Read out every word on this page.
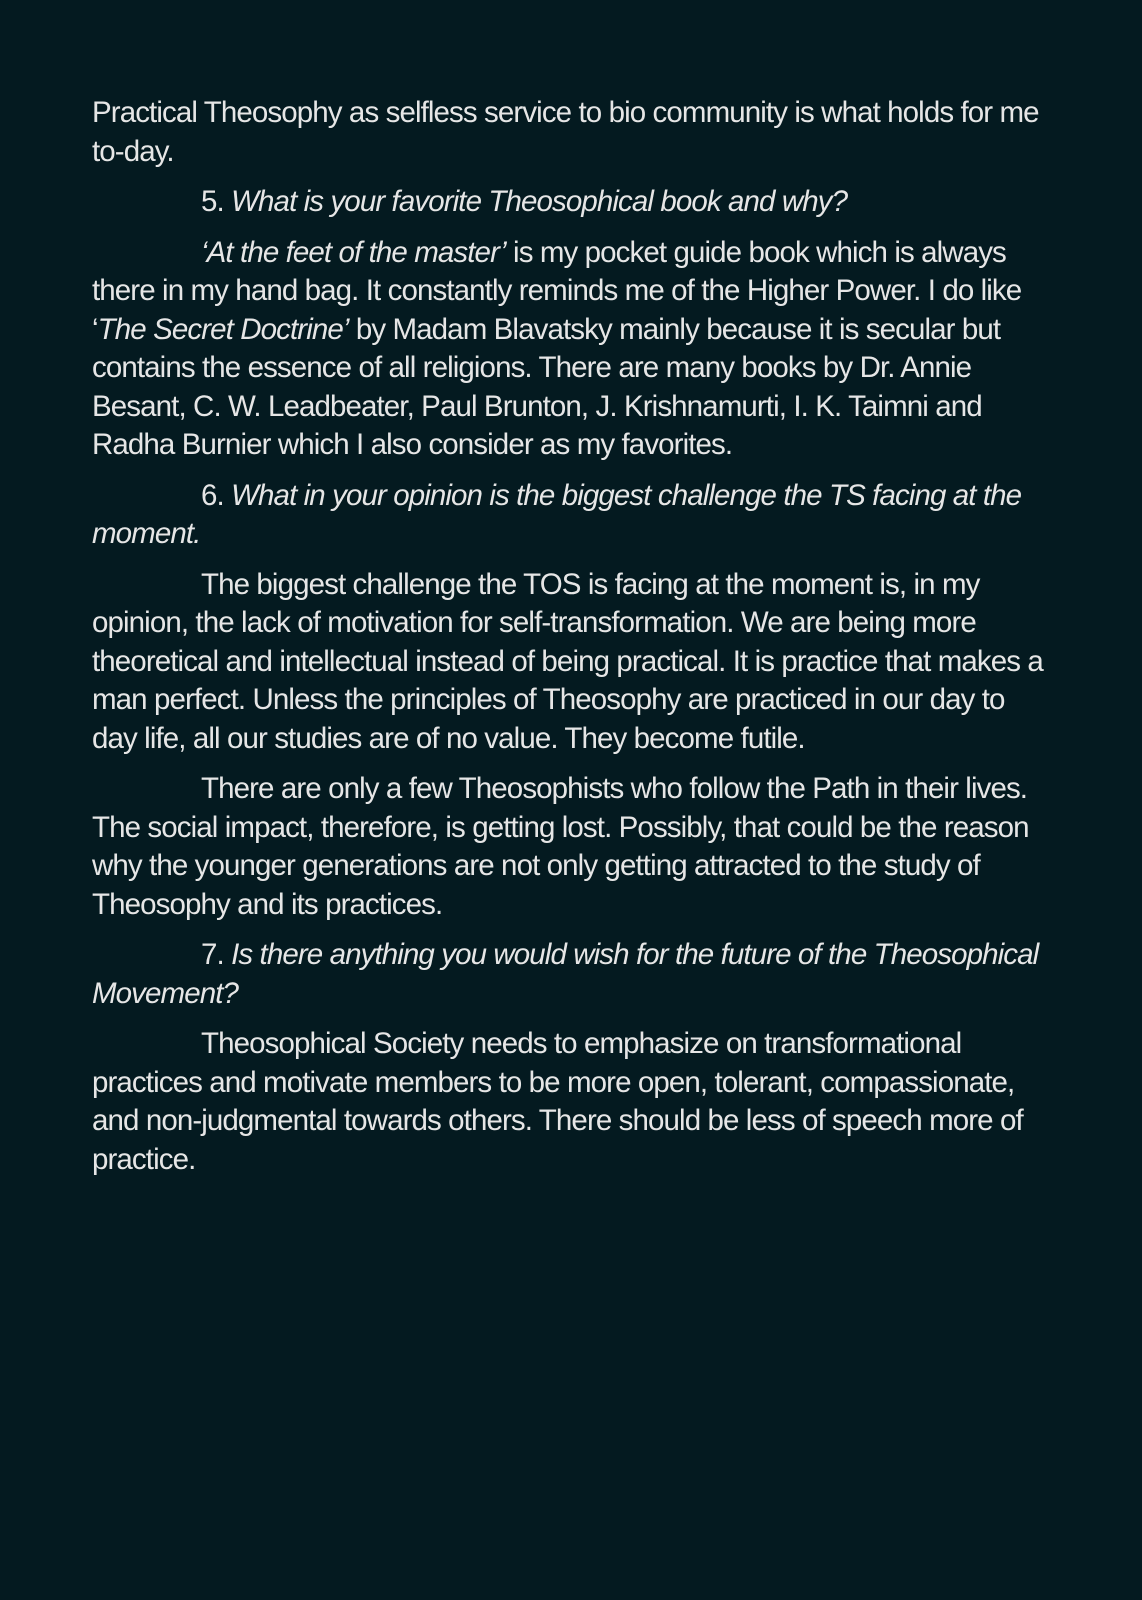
Practical Theosophy as selfless service to bio community is what holds for me to-day.

5. What is your favorite Theosophical book and why?

‘At the feet of the master’ is my pocket guide book which is always there in my hand bag. It constantly reminds me of the Higher Power. I do like ‘The Secret Doctrine’ by Madam Blavatsky mainly because it is secular but contains the essence of all religions. There are many books by Dr. Annie Besant, C. W. Leadbeater, Paul Brunton, J. Krishnamurti, I. K. Taimni and Radha Burnier which I also consider as my favorites.

6. What in your opinion is the biggest challenge the TS facing at the moment.

The biggest challenge the TOS is facing at the moment is, in my opinion, the lack of motivation for self-transformation. We are being more theoretical and intellectual instead of being practical. It is practice that makes a man perfect. Unless the principles of Theosophy are practiced in our day to day life, all our studies are of no value. They become futile.

There are only a few Theosophists who follow the Path in their lives. The social impact, therefore, is getting lost. Possibly, that could be the reason why the younger generations are not only getting attracted to the study of Theosophy and its practices.

7. Is there anything you would wish for the future of the Theosophical Movement?

Theosophical Society needs to emphasize on transformational practices and motivate members to be more open, tolerant, compassionate, and non-judgmental towards others. There should be less of speech more of practice.
